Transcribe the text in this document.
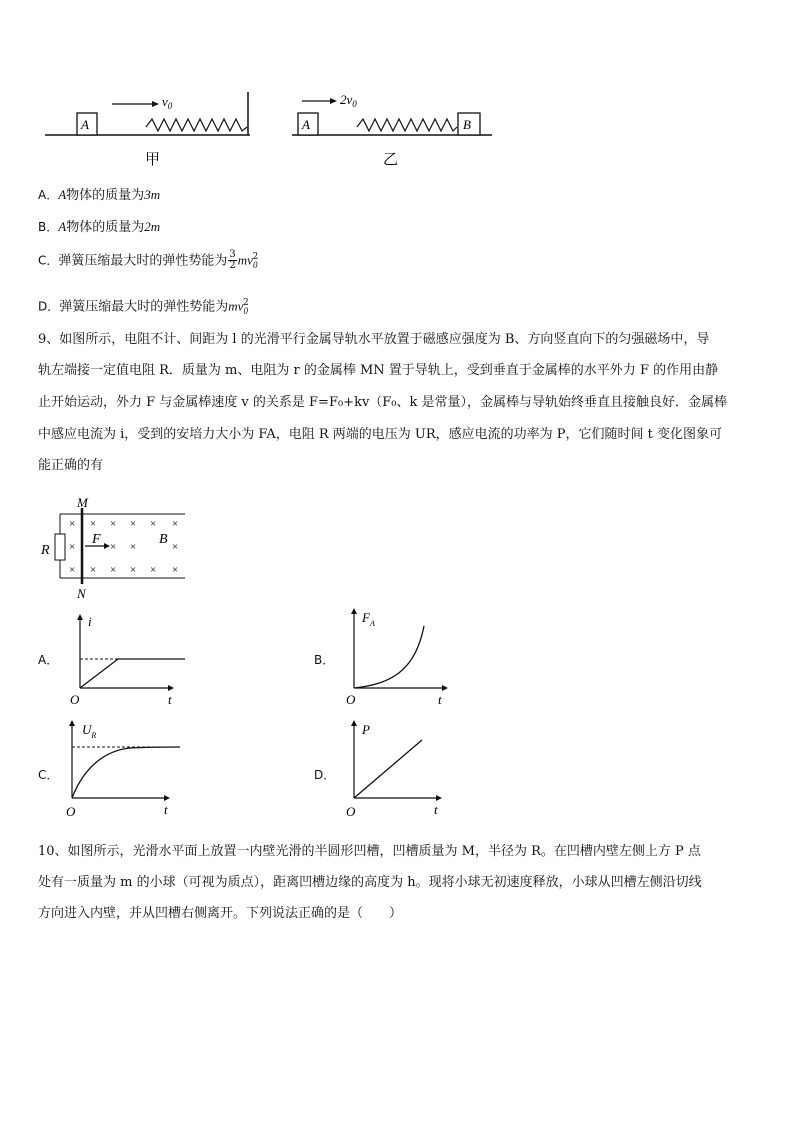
A
$v_0$
甲
A	B
$2v_0$
乙
A．A物体的质量为3m
B．A物体的质量为2m
C．弹簧压缩最大时的弹性势能为 $\frac{3}{2} mv_0^2$
D．弹簧压缩最大时的弹性势能为$mv_0^2$
9、如图所示，电阻不计、间距为 l 的光滑平行金属导轨水平放置于磁感应强度为 B、方向竖直向下的匀强磁场中，导
轨左端接一定值电阻 R．质量为 m、电阻为 r 的金属棒 MN 置于导轨上，受到垂直于金属棒的水平外力 F 的作用由静
止开始运动，外力 F 与金属棒速度 v 的关系是 F=F₀+kv（F₀、k 是常量），金属棒与导轨始终垂直且接触良好．金属棒
中感应电流为 i，受到的安培力大小为 FA，电阻 R 两端的电压为 UR，感应电流的功率为 P，它们随时间 t 变化图象可
能正确的有
R
M
N
×
×
×
× × × × ×
× ×	×
× × × × ×
F	B
A．
i
t
O
B．
$F_A$
t
O
C．
$U_R$
t
O
D．
P
t
O
10、如图所示，光滑水平面上放置一内壁光滑的半圆形凹槽，凹槽质量为 M，半径为 R。在凹槽内壁左侧上方 P 点
处有一质量为 m 的小球（可视为质点），距离凹槽边缘的高度为 h。现将小球无初速度释放，小球从凹槽左侧沿切线
方向进入内壁，并从凹槽右侧离开。下列说法正确的是（　　）
